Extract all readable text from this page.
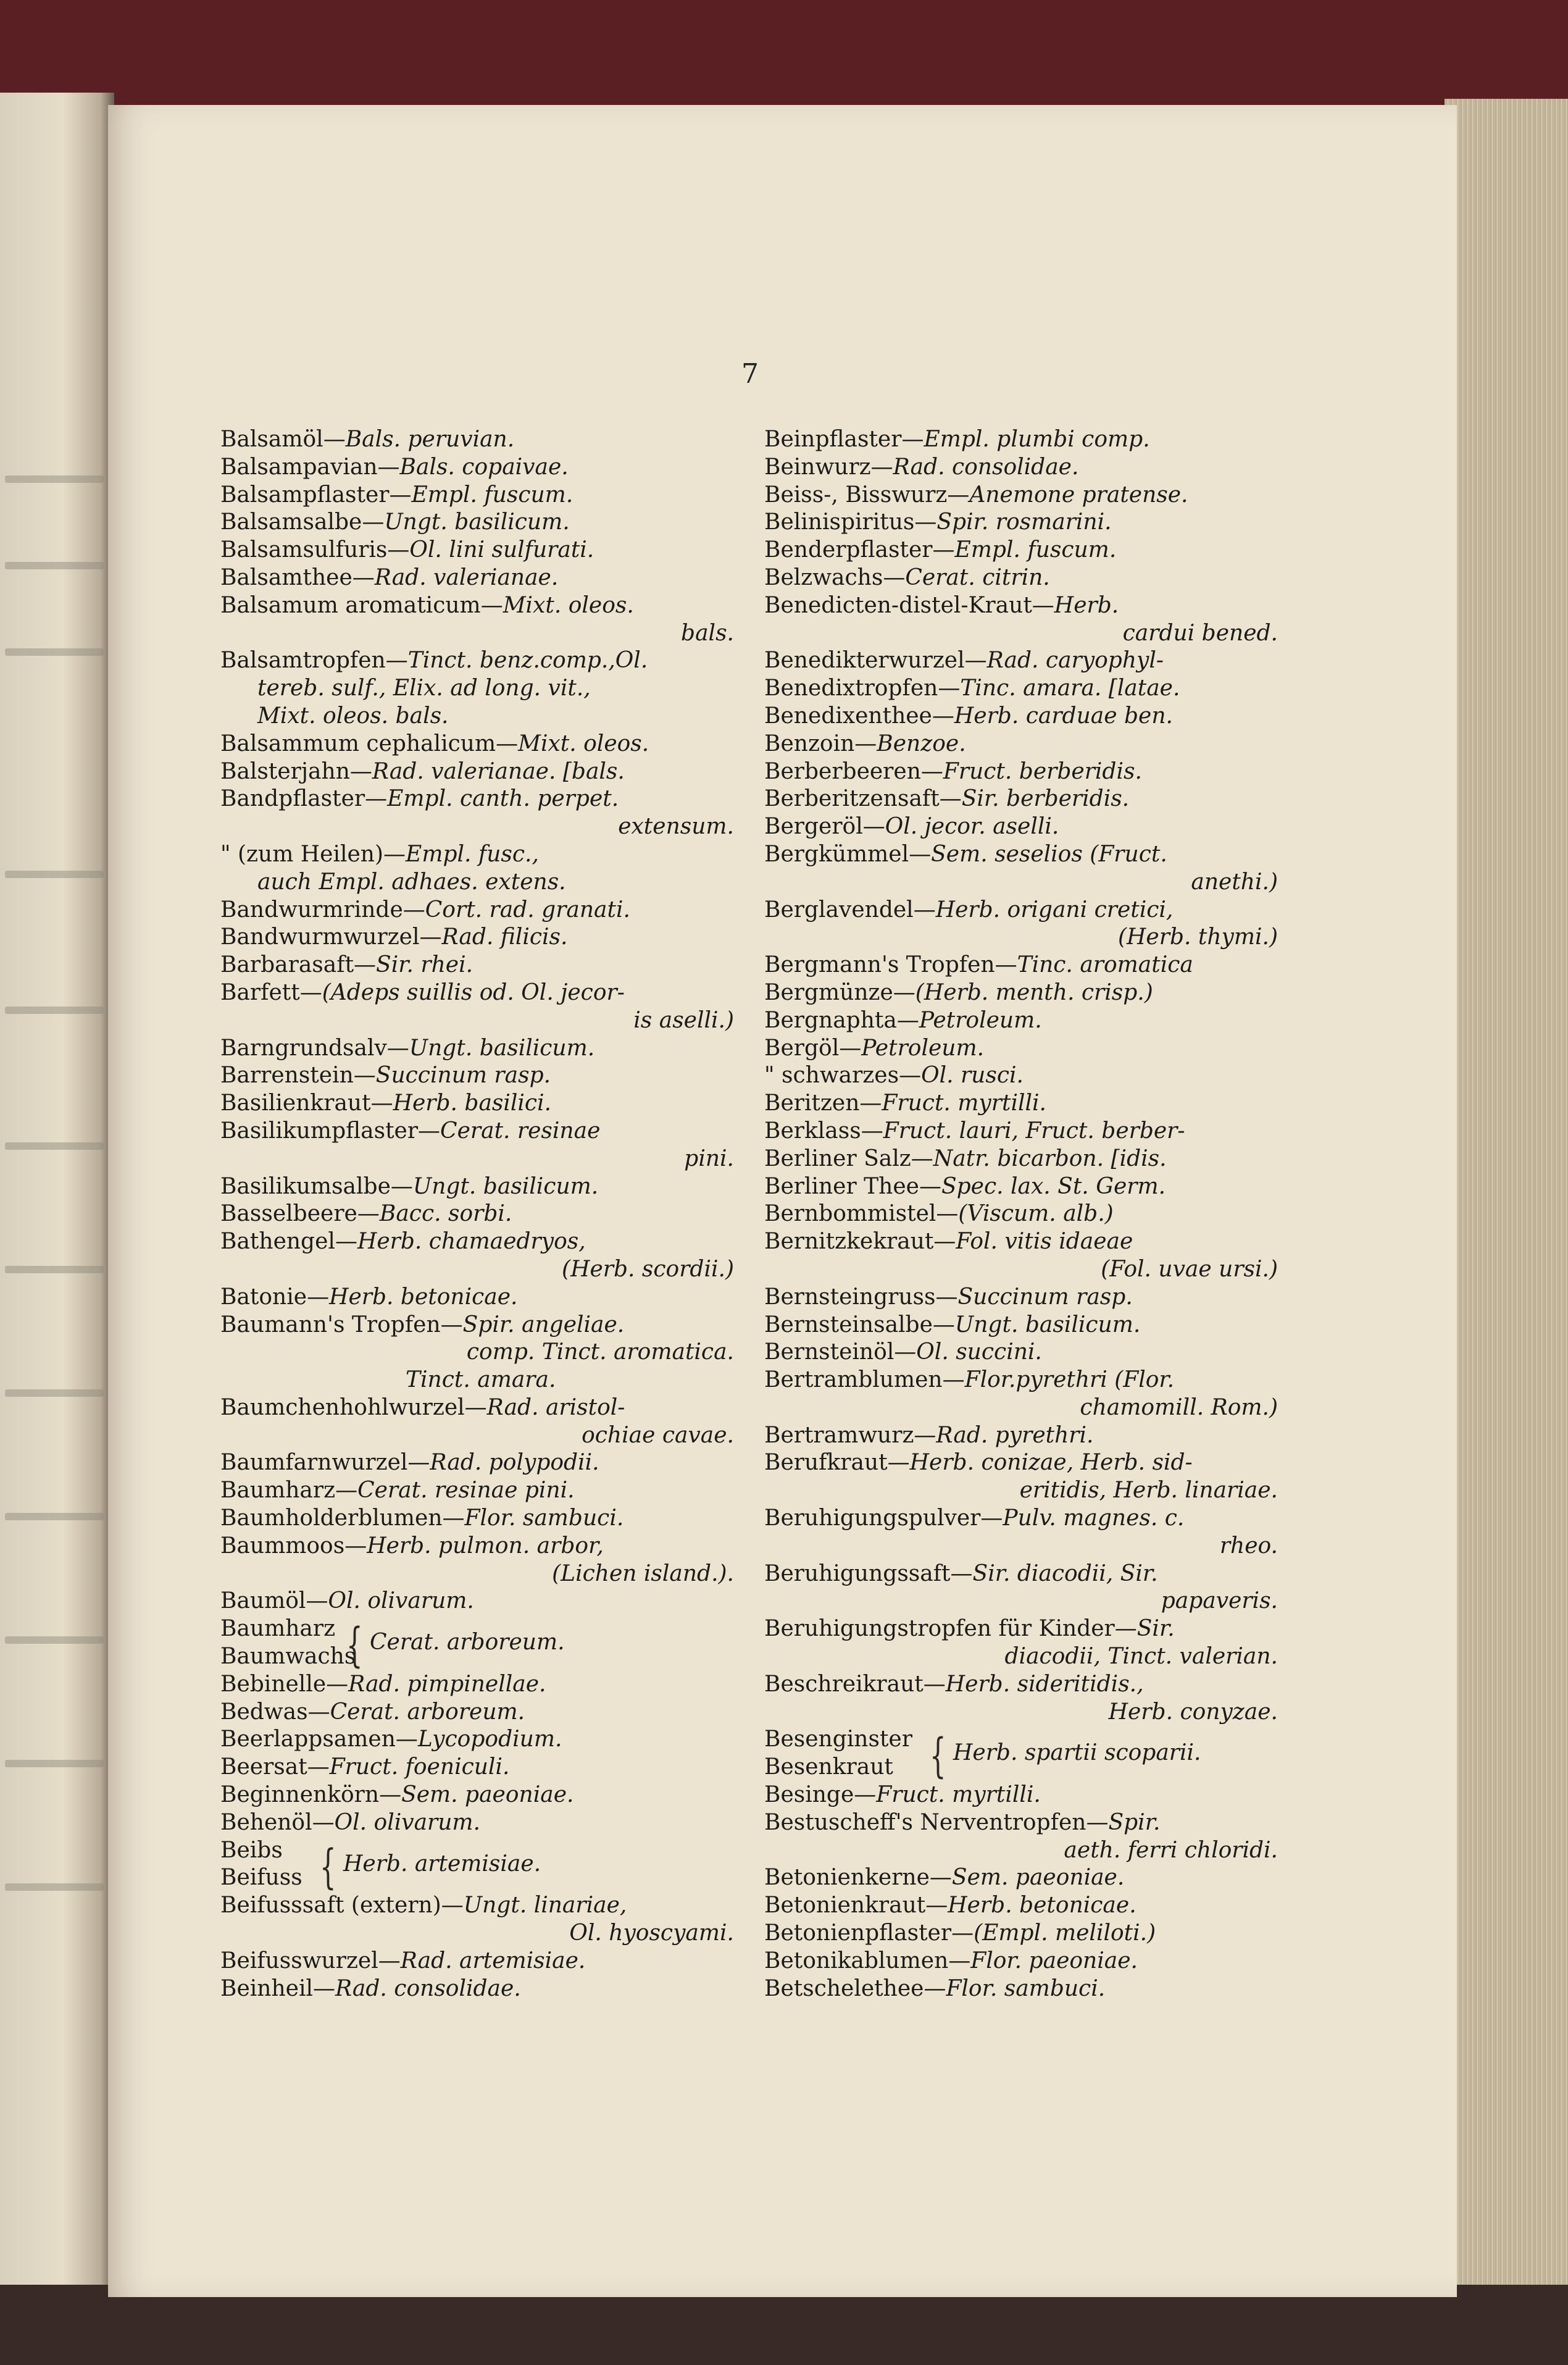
7
Balsamöl—Bals. peruvian.
Balsampavian—Bals. copaivae.
Balsampflaster—Empl. fuscum.
Balsamsalbe—Ungt. basilicum.
Balsamsulfuris—Ol. lini sulfurati.
Balsamthee—Rad. valerianae.
Balsamum aromaticum—Mixt. oleos.
bals.
Balsamtropfen—Tinct. benz.comp.,Ol.
tereb. sulf., Elix. ad long. vit.,
Mixt. oleos. bals.
Balsammum cephalicum—Mixt. oleos.
Balsterjahn—Rad. valerianae. [bals.
Bandpflaster—Empl. canth. perpet.
extensum.
" (zum Heilen)—Empl. fusc.,
auch Empl. adhaes. extens.
Bandwurmrinde—Cort. rad. granati.
Bandwurmwurzel—Rad. filicis.
Barbarasaft—Sir. rhei.
Barfett—(Adeps suillis od. Ol. jecor-
is aselli.)
Barngrundsalv—Ungt. basilicum.
Barrenstein—Succinum rasp.
Basilienkraut—Herb. basilici.
Basilikumpflaster—Cerat. resinae
pini.
Basilikumsalbe—Ungt. basilicum.
Basselbeere—Bacc. sorbi.
Bathengel—Herb. chamaedryos,
(Herb. scordii.)
Batonie—Herb. betonicae.
Baumann's Tropfen—Spir. angeliae.
comp. Tinct. aromatica.
Tinct. amara.
Baumchenhohlwurzel—Rad. aristol-
ochiae cavae.
Baumfarnwurzel—Rad. polypodii.
Baumharz—Cerat. resinae pini.
Baumholderblumen—Flor. sambuci.
Baummoos—Herb. pulmon. arbor,
(Lichen island.).
Baumöl—Ol. olivarum.
Baumharz
Baumwachs
{ Cerat. arboreum.
Bebinelle—Rad. pimpinellae.
Bedwas—Cerat. arboreum.
Beerlappsamen—Lycopodium.
Beersat—Fruct. foeniculi.
Beginnenkörn—Sem. paeoniae.
Behenöl—Ol. olivarum.
Beibs
Beifuss { Herb. artemisiae.
Beifusssaft (extern)—Ungt. linariae,
Ol. hyoscyami.
Beifusswurzel—Rad. artemisiae.
Beinheil—Rad. consolidae.
Beinpflaster—Empl. plumbi comp.
Beinwurz—Rad. consolidae.
Beiss-, Bisswurz—Anemone pratense.
Belinispiritus—Spir. rosmarini.
Benderpflaster—Empl. fuscum.
Belzwachs—Cerat. citrin.
Benedicten-distel-Kraut—Herb.
cardui bened.
Benedikterwurzel—Rad. caryophyl-
Benedixtropfen—Tinc. amara. [latae.
Benedixenthee—Herb. carduae ben.
Benzoin—Benzoe.
Berberbeeren—Fruct. berberidis.
Berberitzensaft—Sir. berberidis.
Bergeröl—Ol. jecor. aselli.
Bergkümmel—Sem. seselios (Fruct.
anethi.)
Berglavendel—Herb. origani cretici,
(Herb. thymi.)
Bergmann's Tropfen—Tinc. aromatica
Bergmünze—(Herb. menth. crisp.)
Bergnaphta—Petroleum.
Bergöl—Petroleum.
" schwarzes—Ol. rusci.
Beritzen—Fruct. myrtilli.
Berklass—Fruct. lauri, Fruct. berber-
Berliner Salz—Natr. bicarbon. [idis.
Berliner Thee—Spec. lax. St. Germ.
Bernbommistel—(Viscum. alb.)
Bernitzkekraut—Fol. vitis idaeae
(Fol. uvae ursi.)
Bernsteingruss—Succinum rasp.
Bernsteinsalbe—Ungt. basilicum.
Bernsteinöl—Ol. succini.
Bertramblumen—Flor.pyrethri (Flor.
chamomill. Rom.)
Bertramwurz—Rad. pyrethri.
Berufkraut—Herb. conizae, Herb. sid-
eritidis, Herb. linariae.
Beruhigungspulver—Pulv. magnes. c.
rheo.
Beruhigungssaft—Sir. diacodii, Sir.
papaveris.
Beruhigungstropfen für Kinder—Sir.
diacodii, Tinct. valerian.
Beschreikraut—Herb. sideritidis.,
Herb. conyzae.
Besenginster
Besenkraut { Herb. spartii scoparii.
Besinge—Fruct. myrtilli.
Bestuscheff's Nerventropfen—Spir.
aeth. ferri chloridi.
Betonienkerne—Sem. paeoniae.
Betonienkraut—Herb. betonicae.
Betonienpflaster—(Empl. meliloti.)
Betonikablumen—Flor. paeoniae.
Betschelethee—Flor. sambuci.
